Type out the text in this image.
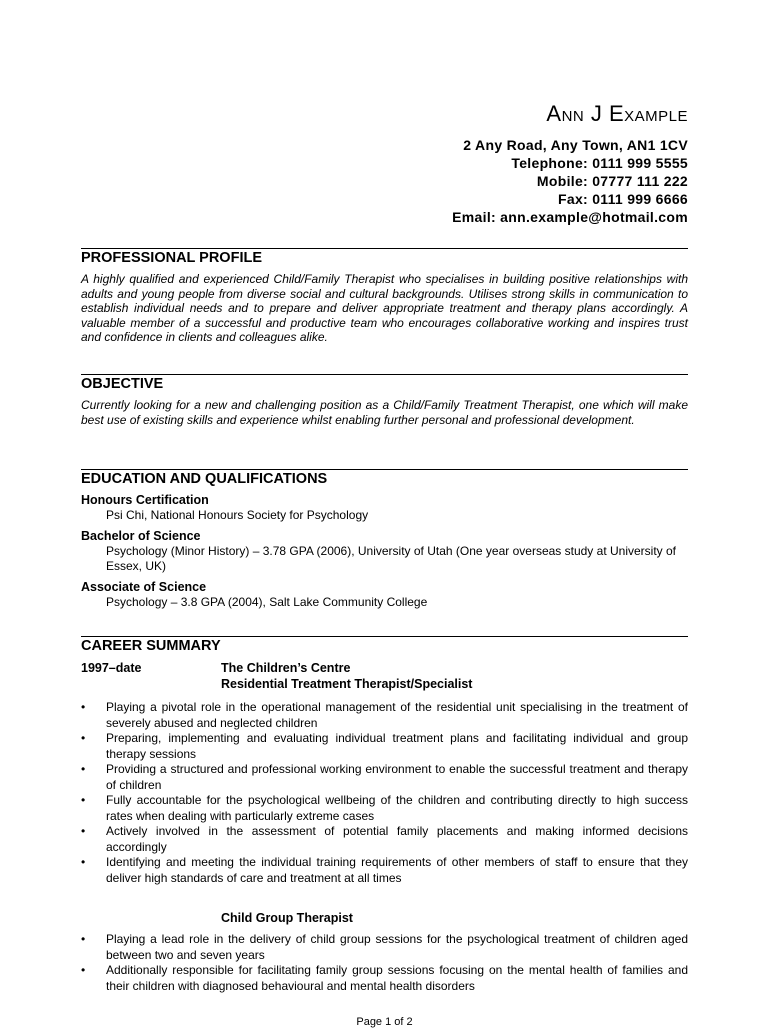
Ann J Example
2 Any Road, Any Town, AN1 1CV
Telephone: 0111 999 5555
Mobile: 07777 111 222
Fax: 0111 999 6666
Email: ann.example@hotmail.com
PROFESSIONAL PROFILE

A highly qualified and experienced Child/Family Therapist who specialises in building positive relationships with adults and young people from diverse social and cultural backgrounds. Utilises strong skills in communication to establish individual needs and to prepare and deliver appropriate treatment and therapy plans accordingly. A valuable member of a successful and productive team who encourages collaborative working and inspires trust and confidence in clients and colleagues alike.

OBJECTIVE

Currently looking for a new and challenging position as a Child/Family Treatment Therapist, one which will make best use of existing skills and experience whilst enabling further personal and professional development.

EDUCATION AND QUALIFICATIONS
Honours Certification
Psi Chi, National Honours Society for Psychology
Bachelor of Science
Psychology (Minor History) – 3.78 GPA (2006), University of Utah (One year overseas study at University of Essex, UK)
Associate of Science
Psychology – 3.8 GPA (2004), Salt Lake Community College
CAREER SUMMARY
1997–date	The Children’s Centre
Residential Treatment Therapist/Specialist
• Playing a pivotal role in the operational management of the residential unit specialising in the treatment of severely abused and neglected children
• Preparing, implementing and evaluating individual treatment plans and facilitating individual and group therapy sessions
• Providing a structured and professional working environment to enable the successful treatment and therapy of children
• Fully accountable for the psychological wellbeing of the children and contributing directly to high success rates when dealing with particularly extreme cases
• Actively involved in the assessment of potential family placements and making informed decisions accordingly
• Identifying and meeting the individual training requirements of other members of staff to ensure that they deliver high standards of care and treatment at all times
Child Group Therapist
• Playing a lead role in the delivery of child group sessions for the psychological treatment of children aged between two and seven years
• Additionally responsible for facilitating family group sessions focusing on the mental health of families and their children with diagnosed behavioural and mental health disorders
Page 1 of 2
